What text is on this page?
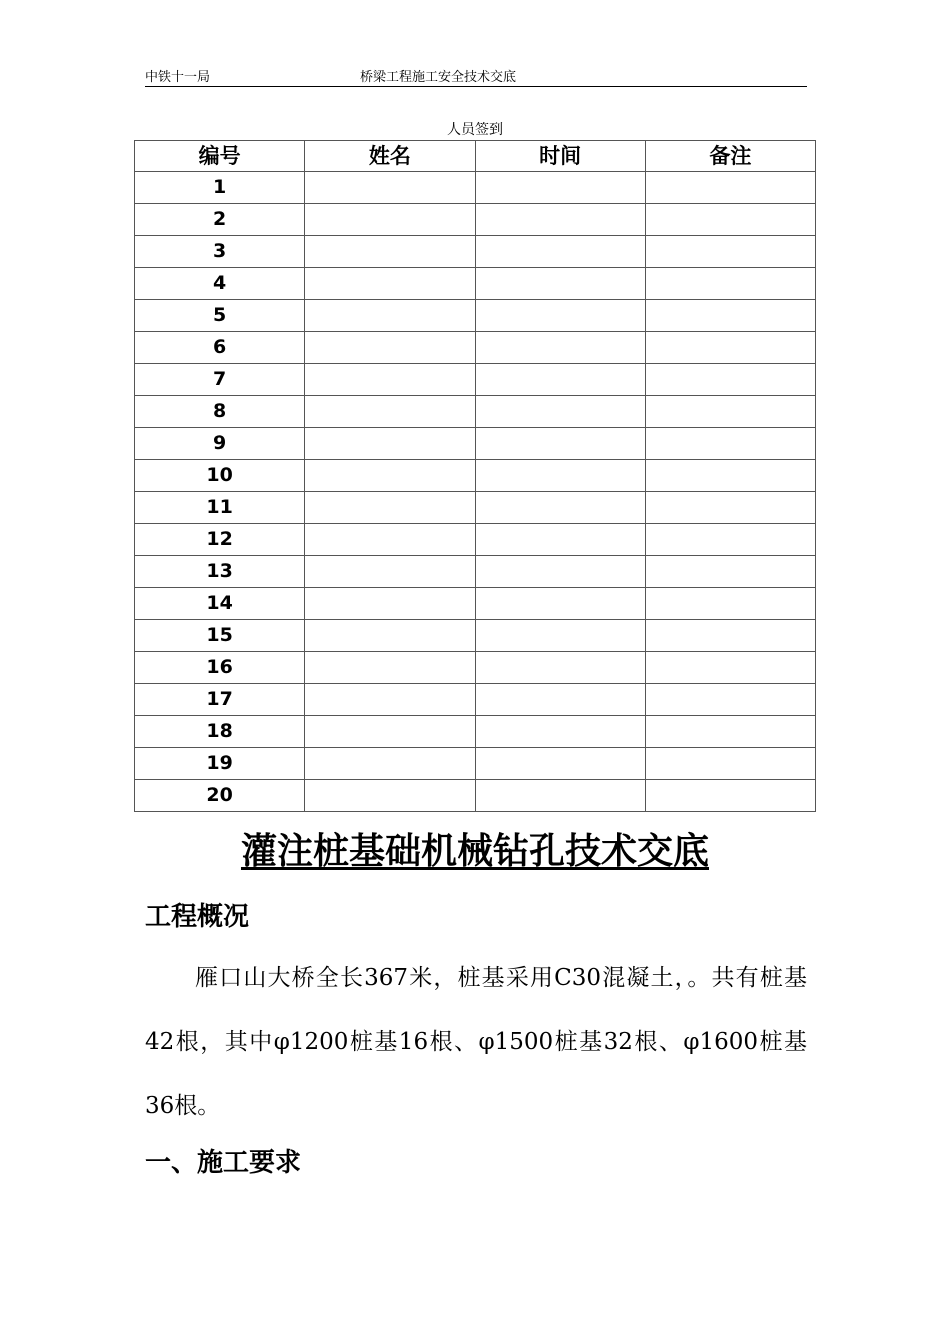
中铁十一局	桥梁工程施工安全技术交底
人员签到
编号	姓名	时间	备注
1			
2			
3			
4			
5			
6			
7			
8			
9			
10			
11			
12			
13			
14			
15			
16			
17			
18			
19			
20			
灌注桩基础机械钻孔技术交底
工程概况
雁口山大桥全长367米，桩基采用C30混凝土，。共有桩基42根，其中φ1200桩基16根、φ1500桩基32根、φ1600桩基36根。
一、施工要求
